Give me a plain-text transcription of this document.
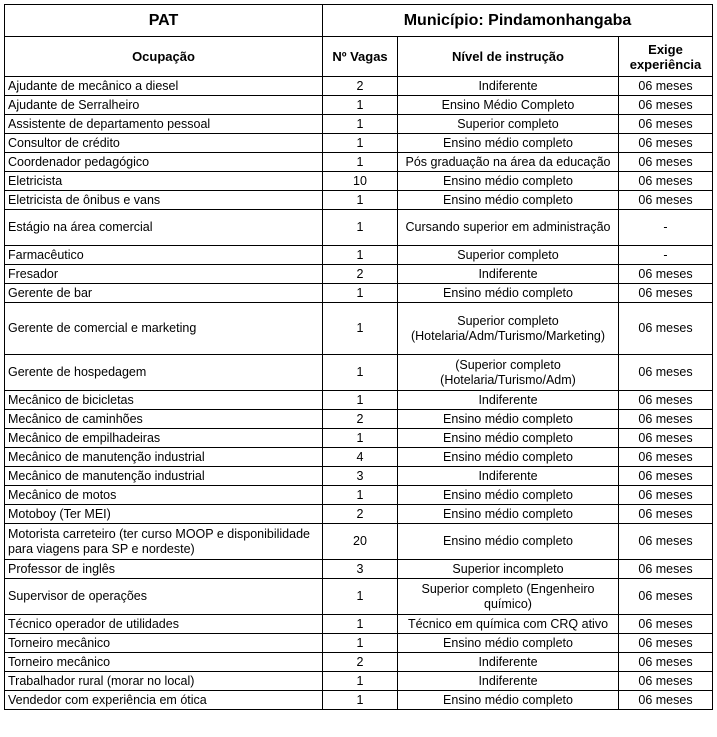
PAT	Município: Pindamonhangaba		
Ocupação	Nº Vagas	Nível de instrução	Exige experiência
Ajudante de mecânico a diesel	2	Indiferente	06 meses
Ajudante de Serralheiro	1	Ensino Médio Completo	06 meses
Assistente de departamento pessoal	1	Superior completo	06 meses
Consultor de crédito	1	Ensino médio completo	06 meses
Coordenador pedagógico	1	Pós graduação na área da educação	06 meses
Eletricista	10	Ensino médio completo	06 meses
Eletricista de ônibus e vans	1	Ensino médio completo	06 meses
Estágio na área comercial	1	Cursando superior em administração	-
Farmacêutico	1	Superior completo	-
Fresador	2	Indiferente	06 meses
Gerente de bar	1	Ensino médio completo	06 meses
Gerente de comercial e marketing	1	Superior completo (Hotelaria/Adm/Turismo/Marketing)	06 meses
Gerente de hospedagem	1	(Superior completo (Hotelaria/Turismo/Adm)	06 meses
Mecânico de bicicletas	1	Indiferente	06 meses
Mecânico de caminhões	2	Ensino médio completo	06 meses
Mecânico de empilhadeiras	1	Ensino médio completo	06 meses
Mecânico de manutenção industrial	4	Ensino médio completo	06 meses
Mecânico de manutenção industrial	3	Indiferente	06 meses
Mecânico de motos	1	Ensino médio completo	06 meses
Motoboy (Ter MEI)	2	Ensino médio completo	06 meses
Motorista carreteiro (ter curso MOOP e disponibilidade para viagens para SP e nordeste)	20	Ensino médio completo	06 meses
Professor de inglês	3	Superior incompleto	06 meses
Supervisor de operações	1	Superior completo (Engenheiro químico)	06 meses
Técnico operador de utilidades	1	Técnico em química com CRQ ativo	06 meses
Torneiro mecânico	1	Ensino médio completo	06 meses
Torneiro mecânico	2	Indiferente	06 meses
Trabalhador rural (morar no local)	1	Indiferente	06 meses
Vendedor com experiência em ótica	1	Ensino médio completo	06 meses
